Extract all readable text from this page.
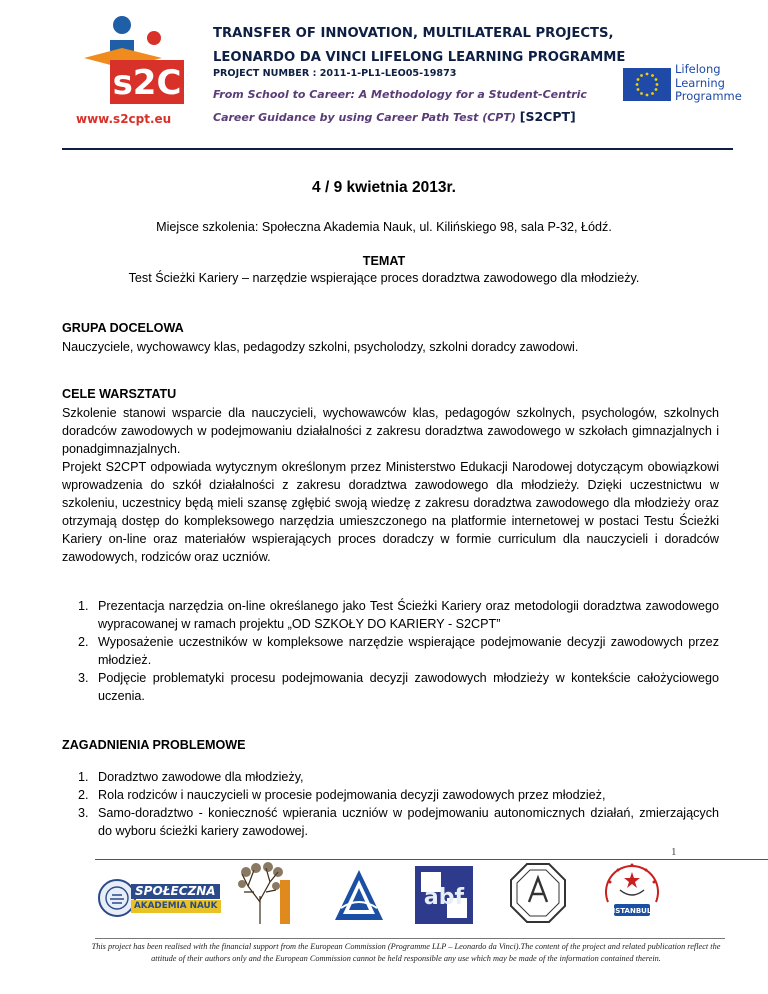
s2C
www.s2cpt.eu
TRANSFER OF INNOVATION, MULTILATERAL PROJECTS,
LEONARDO DA VINCI LIFELONG LEARNING PROGRAMME
PROJECT NUMBER : 2011-1-PL1-LEO05-19873
From School to Career: A Methodology for a Student-Centric
Career Guidance by using Career Path Test (CPT) [S2CPT]
Lifelong
Learning
Programme
4 / 9 kwietnia 2013r.
Miejsce szkolenia: Społeczna Akademia Nauk, ul. Kilińskiego 98, sala P-32, Łódź.
TEMAT
Test Ścieżki Kariery – narzędzie wspierające proces doradztwa zawodowego dla młodzieży.
GRUPA DOCELOWA
Nauczyciele, wychowawcy klas, pedagodzy szkolni, psycholodzy, szkolni doradcy zawodowi.
CELE WARSZTATU
Szkolenie stanowi wsparcie dla nauczycieli, wychowawców klas, pedagogów szkolnych, psychologów, szkolnych doradców zawodowych w podejmowaniu działalności z zakresu doradztwa zawodowego w szkołach gimnazjalnych i ponadgimnazjalnych.
Projekt S2CPT odpowiada wytycznym określonym przez Ministerstwo Edukacji Narodowej dotyczącym obowiązkowi wprowadzenia do szkół działalności z zakresu doradztwa zawodowego dla młodzieży. Dzięki uczestnictwu w szkoleniu, uczestnicy będą mieli szansę zgłębić swoją wiedzę z zakresu doradztwa zawodowego dla młodzieży oraz otrzymają dostęp do kompleksowego narzędzia umieszczonego na platformie internetowej w postaci Testu Ścieżki Kariery on-line oraz materiałów wspierających proces doradczy w formie curriculum dla nauczycieli i doradców zawodowych, rodziców oraz uczniów.
1. Prezentacja narzędzia on-line określanego jako Test Ścieżki Kariery oraz metodologii doradztwa zawodowego wypracowanej w ramach projektu „OD SZKOŁY DO KARIERY - S2CPT”
2. Wyposażenie uczestników w kompleksowe narzędzie wspierające podejmowanie decyzji zawodowych przez młodzież.
3. Podjęcie problematyki procesu podejmowania decyzji zawodowych młodzieży w kontekście całożyciowego uczenia.
ZAGADNIENIA PROBLEMOWE
1. Doradztwo zawodowe dla młodzieży,
2. Rola rodziców i nauczycieli w procesie podejmowania decyzji zawodowych przez młodzież,
3. Samo-doradztwo - konieczność wpierania uczniów w podejmowaniu autonomicznych działań, zmierzających do wyboru ścieżki kariery zawodowej.
1
SPOŁECZNA
AKADEMIA NAUK	abf
ISTANBUL
This project has been realised with the financial support from the European Commission (Programme LLP – Leonardo da Vinci).The content of the project and related publication reflect the attitude of their authors only and the European Commission cannot be held responsible any use which may be made of the information contained therein.
